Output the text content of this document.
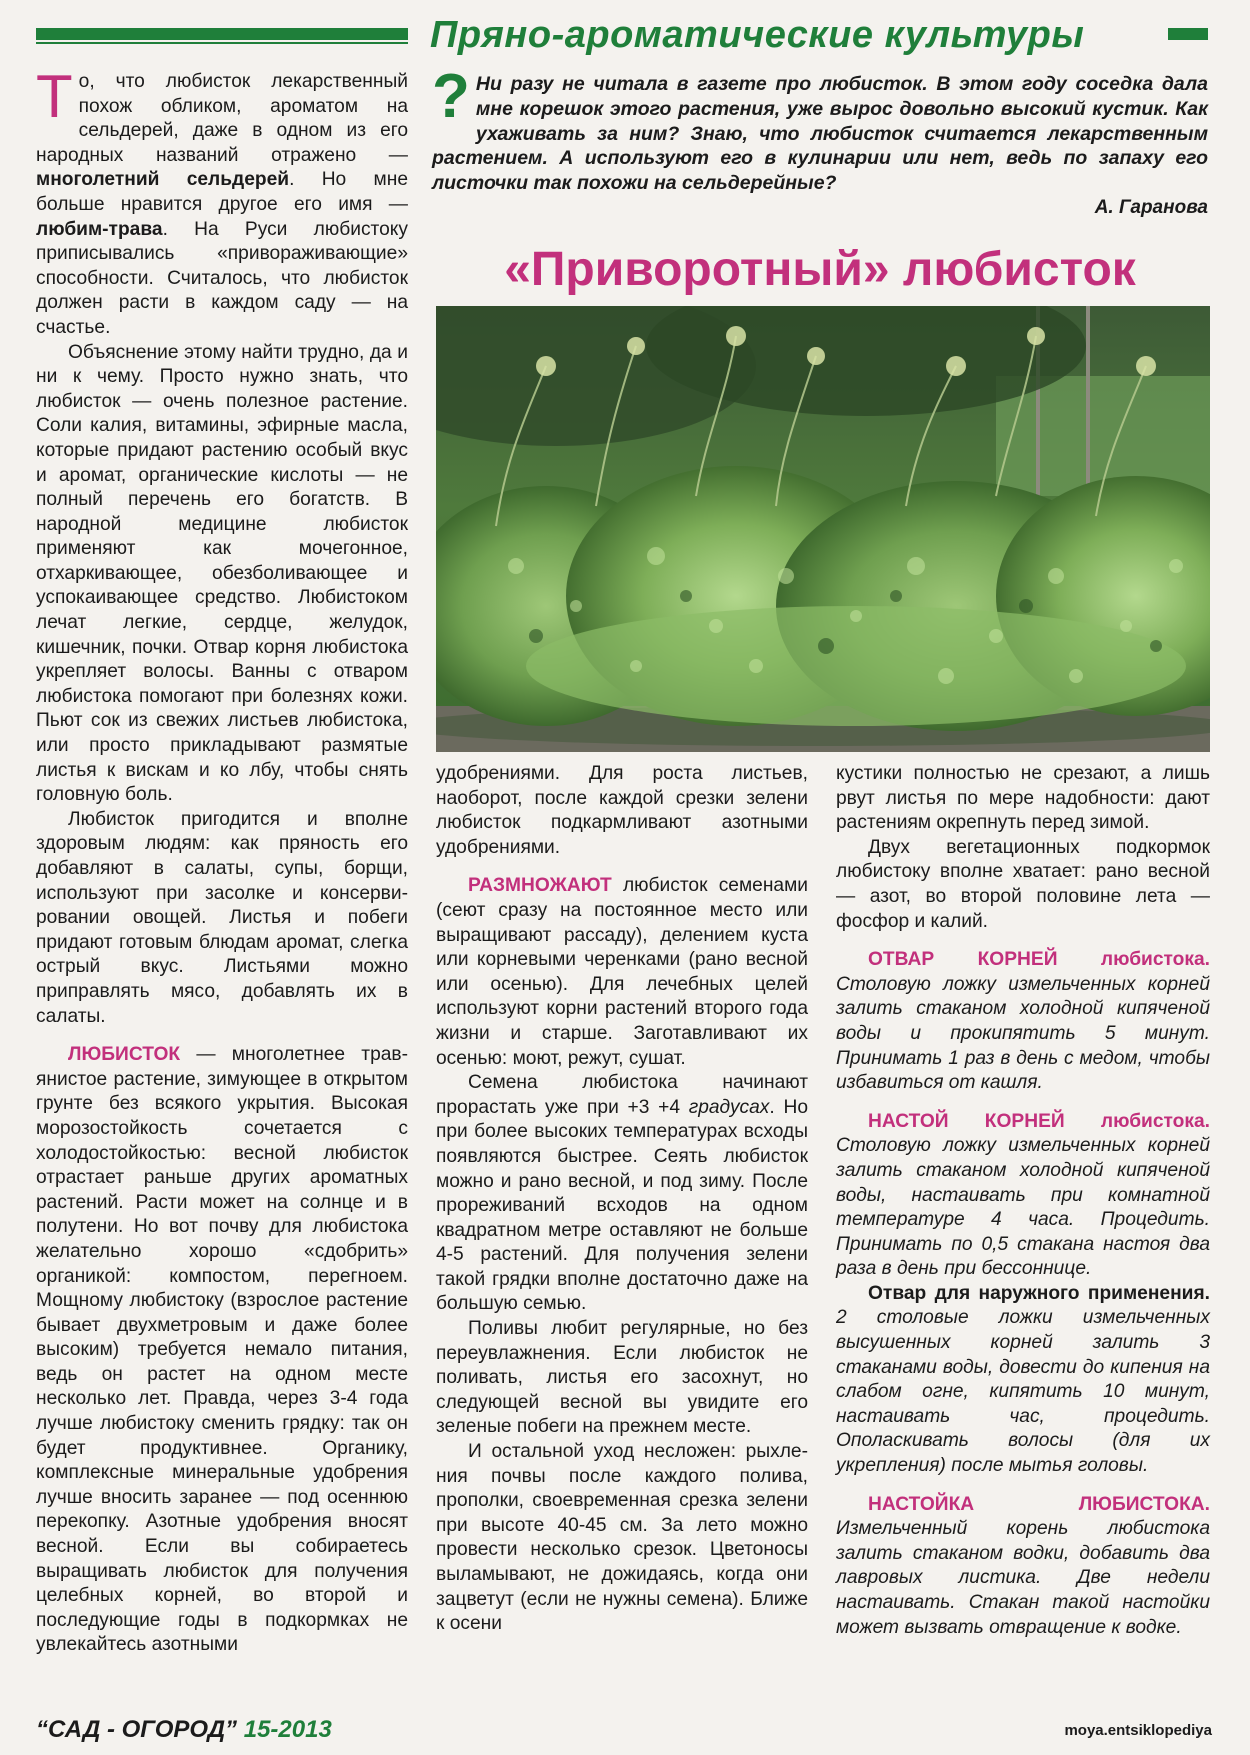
Пряно-ароматические культуры

То, что любисток лекарственный похож обликом, ароматом на сельдерей, даже в одном из его народных названий отражено — многолетний сельдерей. Но мне больше нравится другое его имя — любим-трава. На Руси любистоку приписывались «привораживающие» способности. Считалось, что любисток должен расти в каждом саду — на счастье.

Объяснение этому найти трудно, да и ни к чему. Просто нужно знать, что любисток — очень полезное растение. Соли калия, витамины, эфирные масла, которые придают растению особый вкус и аромат, органические кислоты — не полный перечень его богатств. В народной медицине любисток применяют как мочегонное, отхаркивающее, обезболивающее и успокаивающее средство. Любистоком лечат легкие, сердце, желудок, кишечник, почки. Отвар корня любистока укрепляет волосы. Ванны с отваром любистока помогают при болезнях кожи. Пьют сок из свежих листьев любистока, или просто прикладывают размятые листья к вискам и ко лбу, чтобы снять головную боль.

Любисток пригодится и вполне здоровым людям: как пряность его добавляют в салаты, супы, борщи, используют при засолке и консервировании овощей. Листья и побеги придают готовым блюдам аромат, слегка острый вкус. Листьями можно приправлять мясо, добавлять их в салаты.

ЛЮБИСТОК — многолетнее травянистое растение, зимующее в открытом грунте без всякого укрытия. Высокая морозостойкость сочетается с холодостойкостью: весной любисток отрастает раньше других ароматных растений. Расти может на солнце и в полутени. Но вот почву для любистока желательно хорошо «сдобрить» органикой: компостом, перегноем. Мощному любистоку (взрослое растение бывает двухметровым и даже более высоким) требуется немало питания, ведь он растет на одном месте несколько лет. Правда, через 3-4 года лучше любистоку сменить грядку: так он будет продуктивнее. Органику, комплексные минеральные удобрения лучше вносить заранее — под осеннюю перекопку. Азотные удобрения вносят весной. Если вы собираетесь выращивать любисток для получения целебных корней, во второй и последующие годы в подкормках не увлекайтесь азотными

? Ни разу не читала в газете про любисток. В этом году соседка дала мне корешок этого растения, уже вырос довольно высокий кустик. Как ухаживать за ним? Знаю, что любисток считается лекарственным растением. А используют его в кулинарии или нет, ведь по запаху его листочки так похожи на сельдерейные?

А. Гаранова
«Приворотный» любисток

удобрениями. Для роста листьев, наоборот, после каждой срезки зелени любисток подкармливают азотными удобрениями.

РАЗМНОЖАЮТ любисток семенами (сеют сразу на постоянное место или выращивают рассаду), делением куста или корневыми черенками (рано весной или осенью). Для лечебных целей используют корни растений второго года жизни и старше. Заготавливают их осенью: моют, режут, сушат.

Семена любистока начинают прорастать уже при +3 +4 градусах. Но при более высоких температурах всходы появляются быстрее. Сеять любисток можно и рано весной, и под зиму. После прореживаний всходов на одном квадратном метре оставляют не больше 4-5 растений. Для получения зелени такой грядки вполне достаточно даже на большую семью.

Поливы любит регулярные, но без переувлажнения. Если любисток не поливать, листья его засохнут, но следующей весной вы увидите его зеленые побеги на прежнем месте.

И остальной уход несложен: рыхления почвы после каждого полива, прополки, своевременная срезка зелени при высоте 40-45 см. За лето можно провести несколько срезок. Цветоносы выламывают, не дожидаясь, когда они зацветут (если не нужны семена). Ближе к осени

кустики полностью не срезают, а лишь рвут листья по мере надобности: дают растениям окрепнуть перед зимой.

Двух вегетационных подкормок любистоку вполне хватает: рано весной — азот, во второй половине лета — фосфор и калий.

ОТВАР КОРНЕЙ любистока. Столовую ложку измельченных корней залить стаканом холодной кипяченой воды и прокипятить 5 минут. Принимать 1 раз в день с медом, чтобы избавиться от кашля.

НАСТОЙ КОРНЕЙ любистока. Столовую ложку измельченных корней залить стаканом холодной кипяченой воды, настаивать при комнатной температуре 4 часа. Процедить. Принимать по 0,5 стакана настоя два раза в день при бессоннице.

Отвар для наружного применения. 2 столовые ложки измельченных высушенных корней залить 3 стаканами воды, довести до кипения на слабом огне, кипятить 10 минут, настаивать час, процедить. Ополаскивать волосы (для их укрепления) после мытья головы.

НАСТОЙКА ЛЮБИСТОКА. Измельченный корень любистока залить стаканом водки, добавить два лавровых листика. Две недели настаивать. Стакан такой настойки может вызвать отвращение к водке.

“САД - ОГОРОД” 15-2013	moya.entsiklopediya
